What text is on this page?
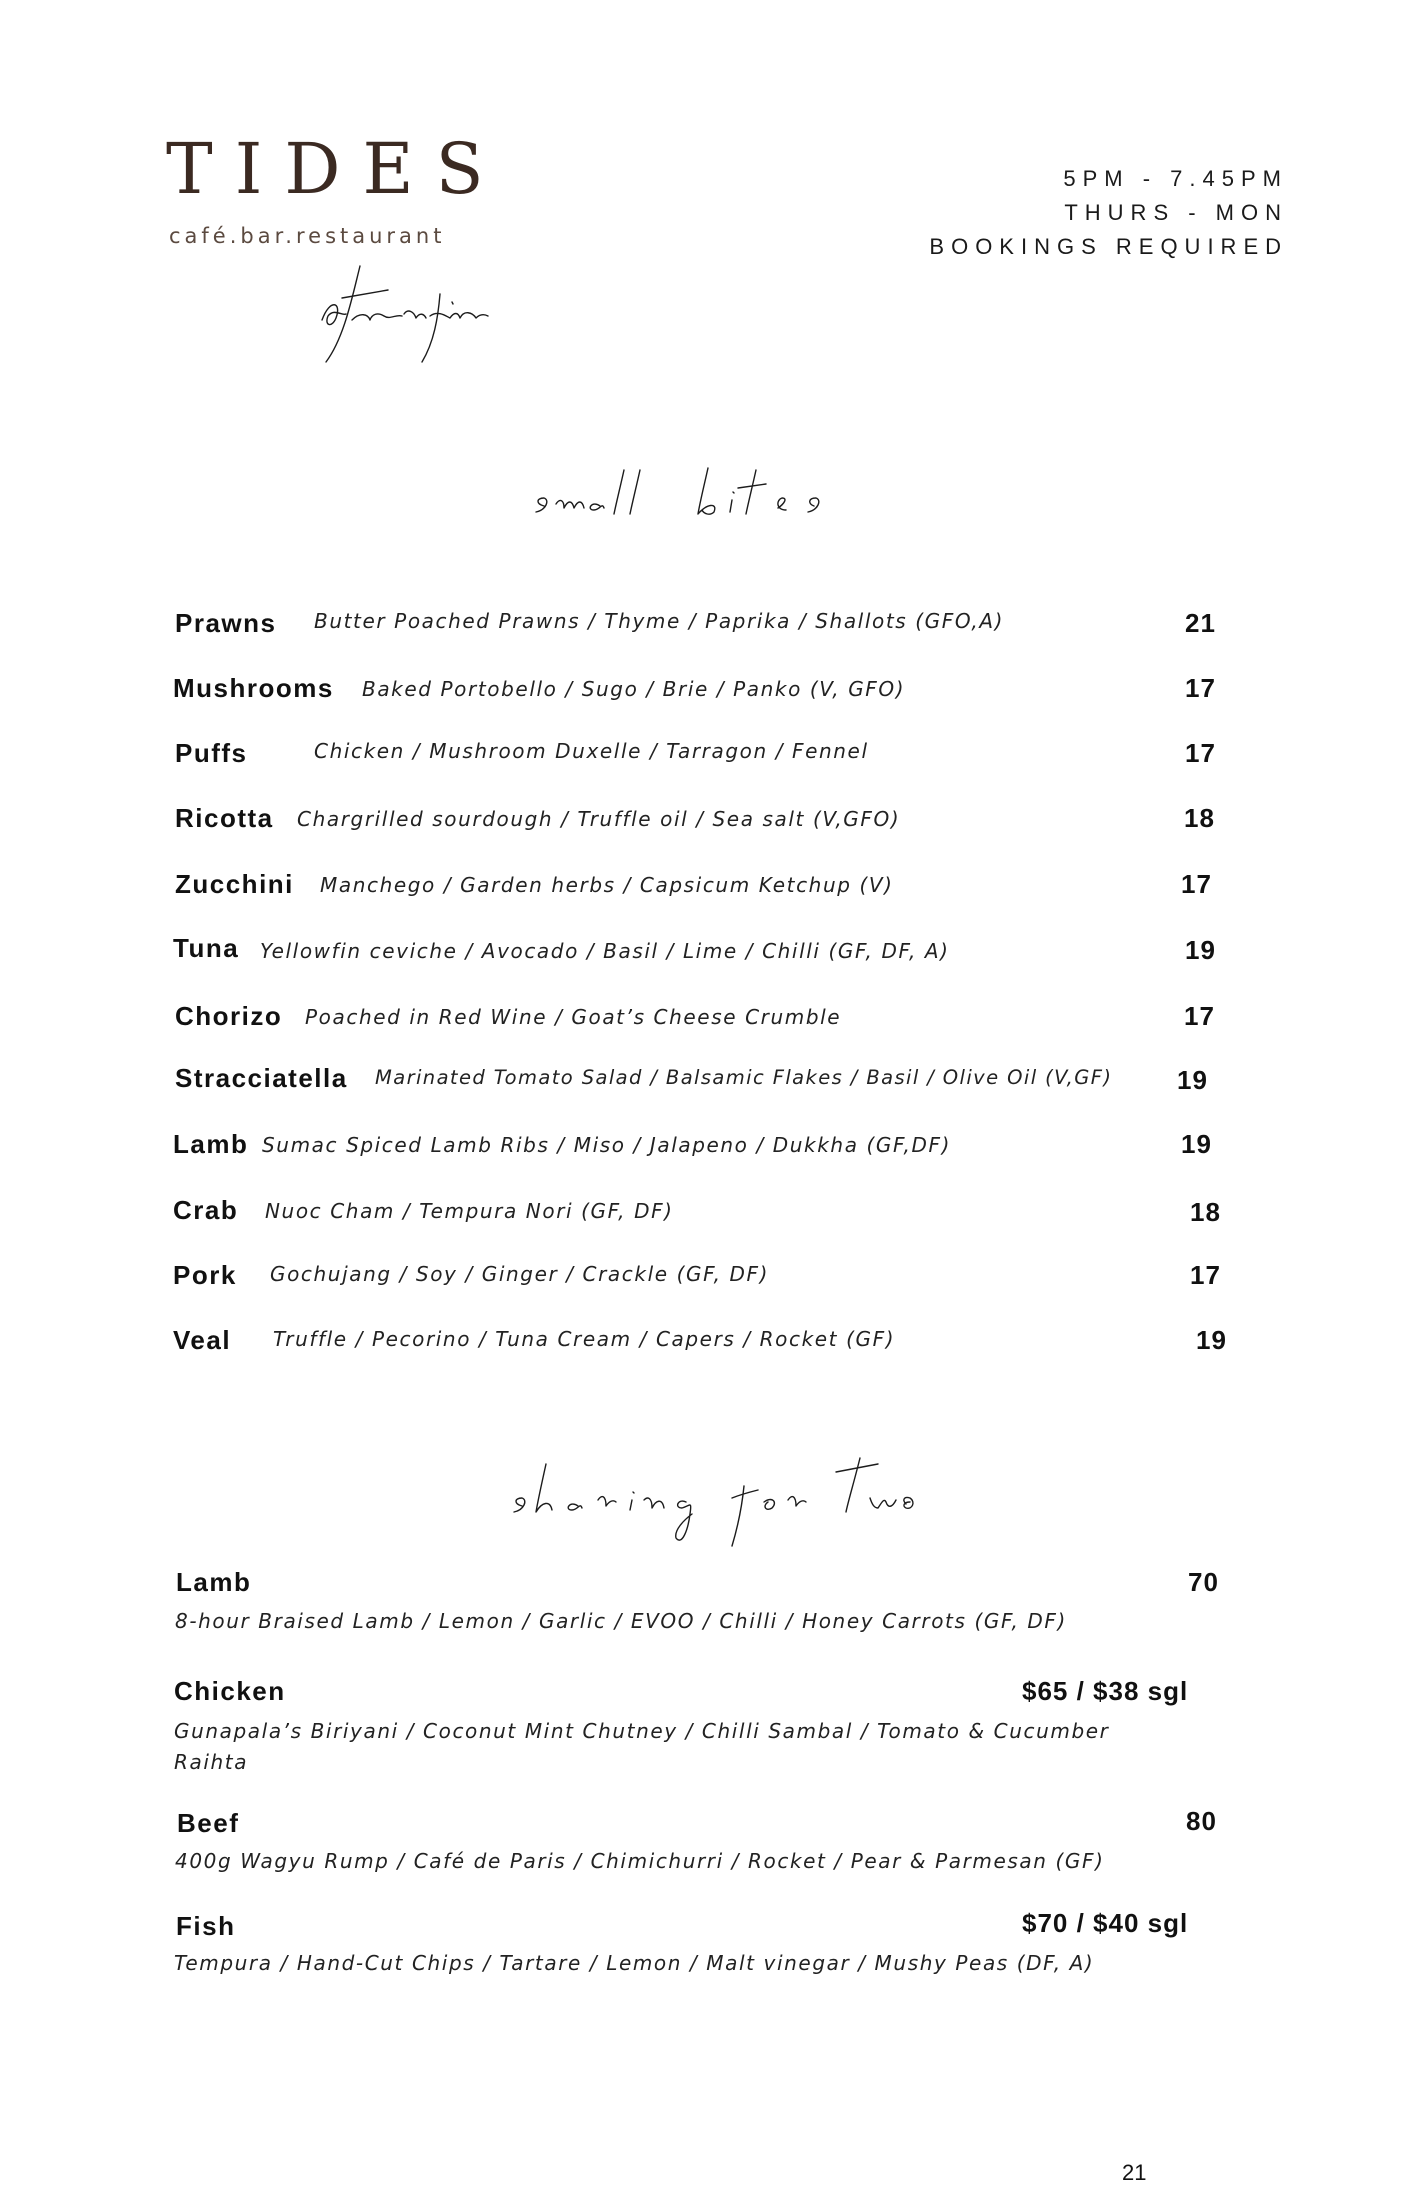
TIDES
café.bar.restaurant
5PM - 7.45PM
THURS - MON
BOOKINGS REQUIRED
Prawns Butter Poached Prawns / Thyme / Paprika / Shallots (GFO,A)	21
Mushrooms Baked Portobello / Sugo / Brie / Panko (V, GFO)	17
Puffs	Chicken / Mushroom Duxelle / Tarragon / Fennel	17
Ricotta Chargrilled sourdough / Truffle oil / Sea salt (V,GFO)	18
Zucchini Manchego / Garden herbs / Capsicum Ketchup (V)	17
Tuna Yellowfin ceviche / Avocado / Basil / Lime / Chilli (GF, DF, A)	19
Chorizo Poached in Red Wine / Goat’s Cheese Crumble	17
Stracciatella Marinated Tomato Salad / Balsamic Flakes / Basil / Olive Oil (V,GF) 19
Lamb Sumac Spiced Lamb Ribs / Miso / Jalapeno / Dukkha (GF,DF)	19
Crab Nuoc Cham / Tempura Nori (GF, DF)	18
Pork Gochujang / Soy / Ginger / Crackle (GF, DF)	17
Veal Truffle / Pecorino / Tuna Cream / Capers / Rocket (GF)	19
Lamb	70
8-hour Braised Lamb / Lemon / Garlic / EVOO / Chilli / Honey Carrots (GF, DF)
Chicken	$65 / $38 sgl
Gunapala’s Biriyani / Coconut Mint Chutney / Chilli Sambal / Tomato & Cucumber Raihta
Beef	80
400g Wagyu Rump / Café de Paris / Chimichurri / Rocket / Pear & Parmesan (GF)
Fish	$70 / $40 sgl
Tempura / Hand-Cut Chips / Tartare / Lemon / Malt vinegar / Mushy Peas (DF, A)
21
